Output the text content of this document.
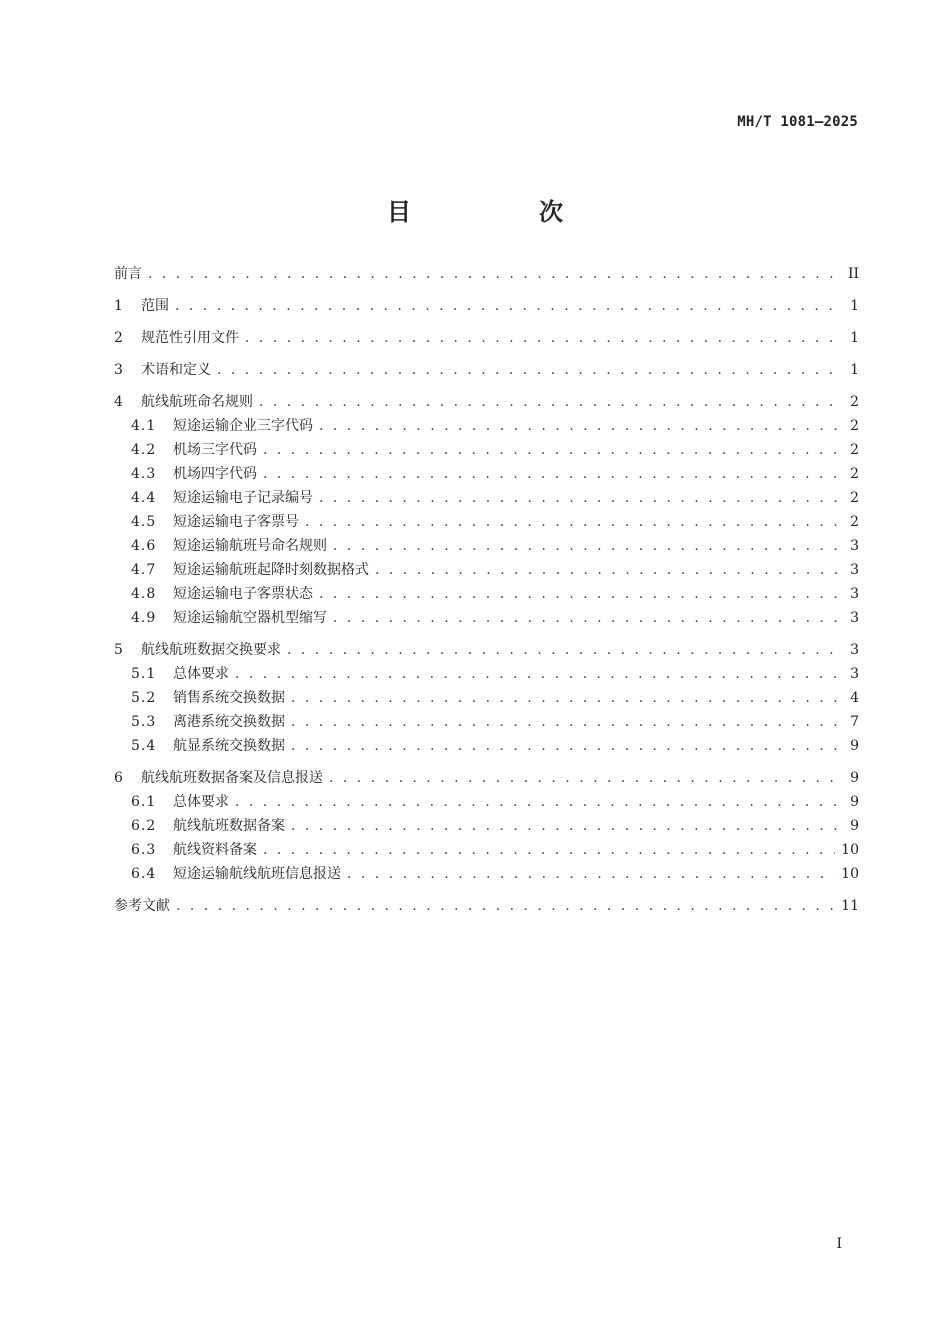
MH/T 1081—2025
目　次
前言 . . .	II
1	范围 . . .	1
2	规范性引用文件 . . .	1
3	术语和定义 . . .	1
4	航线航班命名规则 . . .	2
4.1	短途运输企业三字代码 . . .	2
4.2	机场三字代码 . . .	2
4.3	机场四字代码 . . .	2
4.4	短途运输电子记录编号 . . .	2
4.5	短途运输电子客票号 . . .	2
4.6	短途运输航班号命名规则 . . .	3
4.7	短途运输航班起降时刻数据格式 . . .	3
4.8	短途运输电子客票状态 . . .	3
4.9	短途运输航空器机型缩写 . . .	3
5	航线航班数据交换要求 . . .	3
5.1	总体要求 . . .	3
5.2	销售系统交换数据 . . .	4
5.3	离港系统交换数据 . . .	7
5.4	航显系统交换数据 . . .	9
6	航线航班数据备案及信息报送 . . .	9
6.1	总体要求 . . .	9
6.2	航线航班数据备案 . . .	9
6.3	航线资料备案 . . .	10
6.4	短途运输航线航班信息报送 . . .	10
参考文献 . . .	11
I
